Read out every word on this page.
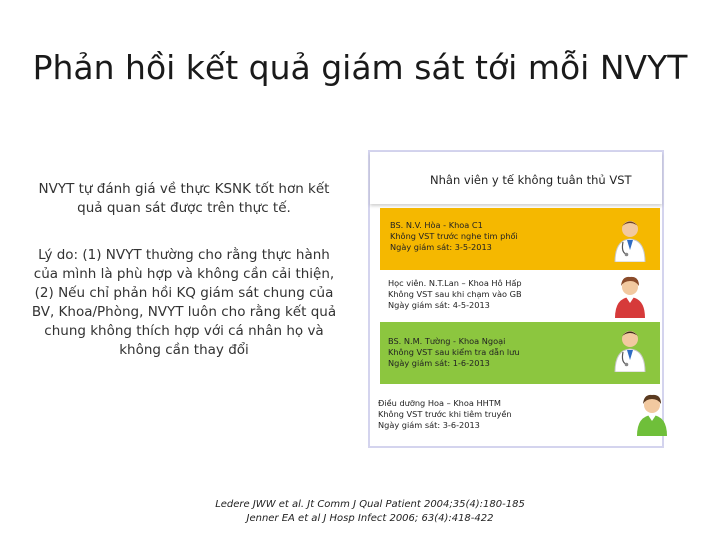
Phản hồi kết quả giám sát tới mỗi NVYT
NVYT tự đánh giá về thực KSNK tốt hơn kết quả quan sát được trên thực tế.
Lý do: (1) NVYT thường cho rằng thực hành của mình là phù hợp và không cần cải thiện, (2) Nếu chỉ phản hồi KQ giám sát chung của BV, Khoa/Phòng, NVYT luôn cho rằng kết quả chung không thích hợp với cá nhân họ và không cần thay đổi
Nhân viên y tế không tuân thủ VST
BS. N.V. Hòa - Khoa C1
Không VST trước nghe tim phổi
Ngày giám sát: 3-5-2013
Học viên. N.T.Lan – Khoa Hô Hấp
Không VST sau khi chạm vào GB
Ngày giám sát: 4-5-2013
BS. N.M. Tường - Khoa Ngoại
Không VST sau kiểm tra dẫn lưu
Ngày giám sát: 1-6-2013
Điều dưỡng Hoa – Khoa HHTM
Không VST trước khi tiêm truyền
Ngày giám sát: 3-6-2013
Ledere JWW et al. Jt Comm J Qual Patient 2004;35(4):180-185
Jenner EA et al J Hosp Infect 2006; 63(4):418-422
